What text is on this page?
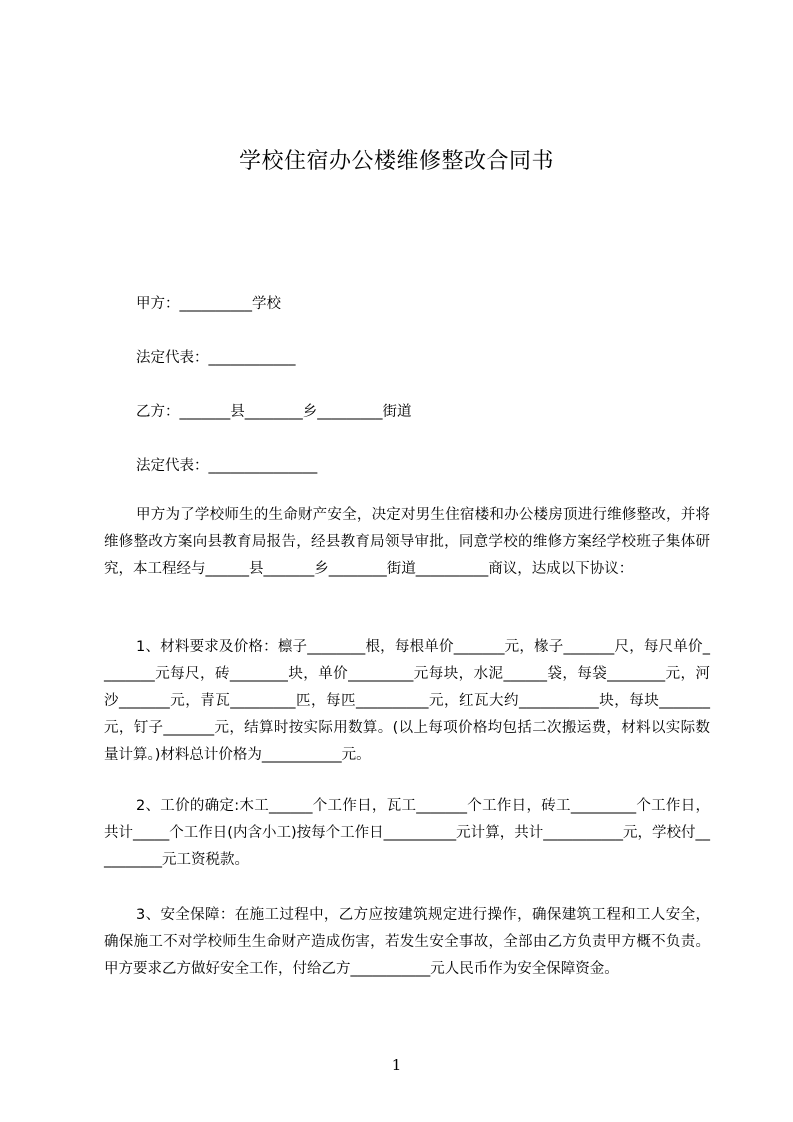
学校住宿办公楼维修整改合同书
甲方：__________学校
法定代表：____________
乙方：_______县________乡_________街道
法定代表：_______________
甲方为了学校师生的生命财产安全，决定对男生住宿楼和办公楼房顶进行维修整改，并将维修整改方案向县教育局报告，经县教育局领导审批，同意学校的维修方案经学校班子集体研究，本工程经与______县_______乡________街道__________商议，达成以下协议：
1、材料要求及价格：檩子________根，每根单价_______元，椽子_______尺，每尺单价________元每尺，砖________块，单价_________元每块，水泥______袋，每袋________元，河沙_______元，青瓦_________匹，每匹__________元，红瓦大约___________块，每块_______元，钉子_______元，结算时按实际用数算。(以上每项价格均包括二次搬运费，材料以实际数量计算。)材料总计价格为___________元。
2、工价的确定:木工______个工作日，瓦工_______个工作日，砖工_________个工作日，共计_____个工作日(内含小工)按每个工作日__________元计算，共计___________元，学校付__________元工资税款。
3、安全保障：在施工过程中，乙方应按建筑规定进行操作，确保建筑工程和工人安全，确保施工不对学校师生生命财产造成伤害，若发生安全事故，全部由乙方负责甲方概不负责。甲方要求乙方做好安全工作，付给乙方___________元人民币作为安全保障资金。
1
